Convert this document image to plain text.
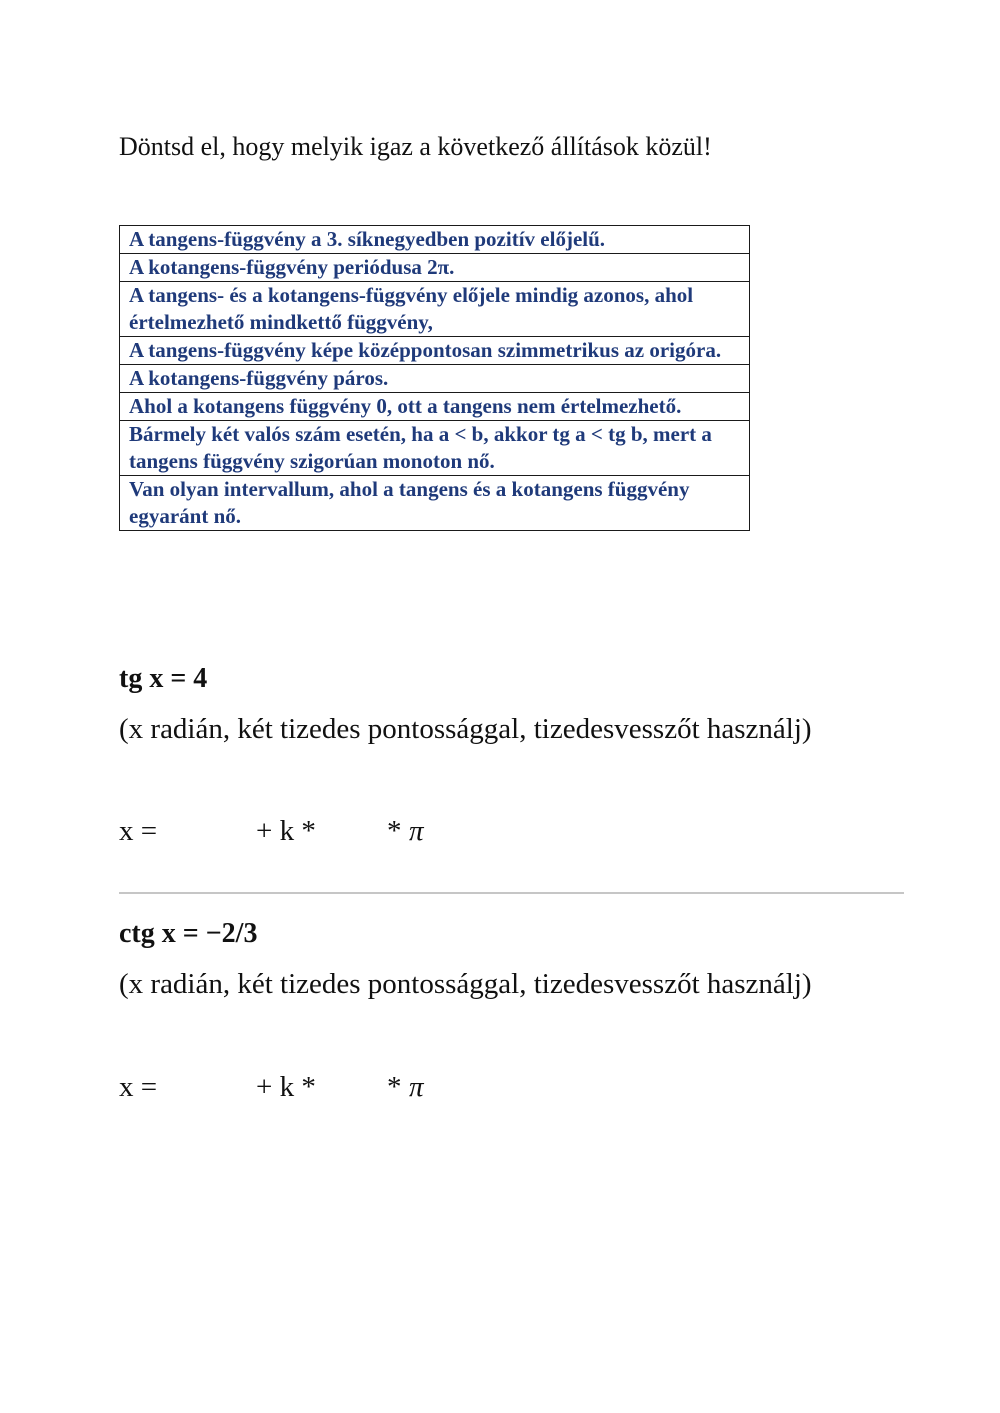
Döntsd el, hogy melyik igaz a következő állítások közül!
A tangens-függvény a 3. síknegyedben pozitív előjelű.
A kotangens-függvény periódusa 2π.
A tangens- és a kotangens-függvény előjele mindig azonos, ahol értelmezhető mindkettő függvény,
A tangens-függvény képe középpontosan szimmetrikus az origóra.
A kotangens-függvény páros.
Ahol a kotangens függvény 0, ott a tangens nem értelmezhető.
Bármely két valós szám esetén, ha a < b, akkor tg a < tg b, mert a tangens függvény szigorúan monoton nő.
Van olyan intervallum, ahol a tangens és a kotangens függvény egyaránt nő.
tg x = 4
(x radián, két tizedes pontossággal, tizedesvesszőt használj)
x =	+ k * * π
ctg x = −2/3
(x radián, két tizedes pontossággal, tizedesvesszőt használj)
x =	+ k * * π
